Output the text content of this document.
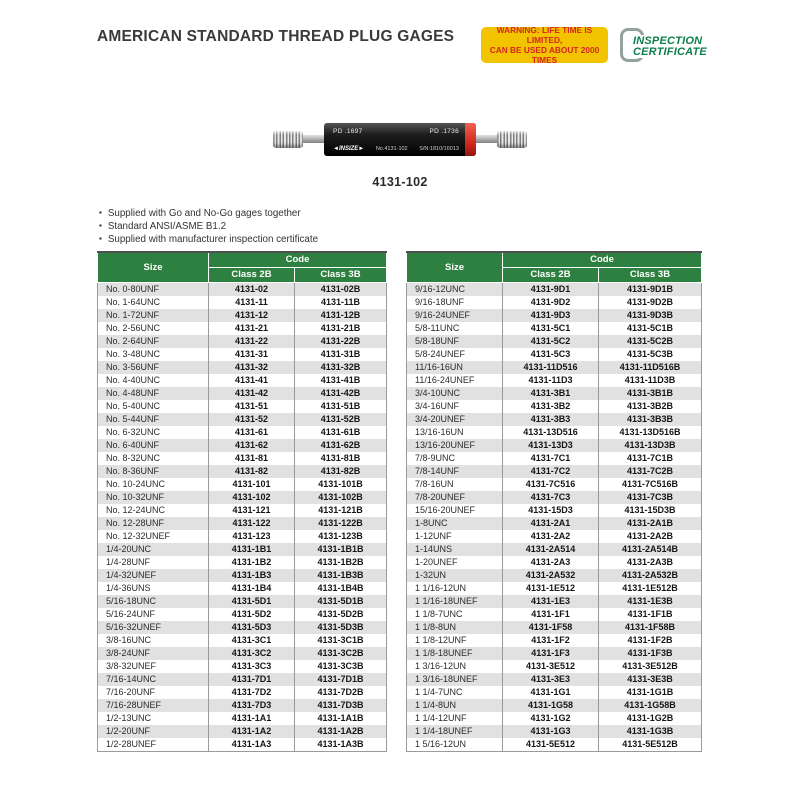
AMERICAN STANDARD THREAD PLUG GAGES	WARNING: LIFE TIME IS LIMITED,
CAN BE USED ABOUT 2000 TIMES
INSPECTION
CERTIFICATE
PD .1697	PD .1736
◄INSIZE► No.4131-102 S/N:1810/16013
4131-102
▪ Supplied with Go and No-Go gages together
▪ Standard ANSI/ASME B1.2
▪ Supplied with manufacturer inspection certificate
Size	Code	
	Class 2B	Class 3B
No. 0-80UNF	4131-02	4131-02B
No. 1-64UNC	4131-11	4131-11B
No. 1-72UNF	4131-12	4131-12B
No. 2-56UNC	4131-21	4131-21B
No. 2-64UNF	4131-22	4131-22B
No. 3-48UNC	4131-31	4131-31B
No. 3-56UNF	4131-32	4131-32B
No. 4-40UNC	4131-41	4131-41B
No. 4-48UNF	4131-42	4131-42B
No. 5-40UNC	4131-51	4131-51B
No. 5-44UNF	4131-52	4131-52B
No. 6-32UNC	4131-61	4131-61B
No. 6-40UNF	4131-62	4131-62B
No. 8-32UNC	4131-81	4131-81B
No. 8-36UNF	4131-82	4131-82B
No. 10-24UNC	4131-101	4131-101B
No. 10-32UNF	4131-102	4131-102B
No. 12-24UNC	4131-121	4131-121B
No. 12-28UNF	4131-122	4131-122B
No. 12-32UNEF	4131-123	4131-123B
1/4-20UNC	4131-1B1	4131-1B1B
1/4-28UNF	4131-1B2	4131-1B2B
1/4-32UNEF	4131-1B3	4131-1B3B
1/4-36UNS	4131-1B4	4131-1B4B
5/16-18UNC	4131-5D1	4131-5D1B
5/16-24UNF	4131-5D2	4131-5D2B
5/16-32UNEF	4131-5D3	4131-5D3B
3/8-16UNC	4131-3C1	4131-3C1B
3/8-24UNF	4131-3C2	4131-3C2B
3/8-32UNEF	4131-3C3	4131-3C3B
7/16-14UNC	4131-7D1	4131-7D1B
7/16-20UNF	4131-7D2	4131-7D2B
7/16-28UNEF	4131-7D3	4131-7D3B
1/2-13UNC	4131-1A1	4131-1A1B
1/2-20UNF	4131-1A2	4131-1A2B
1/2-28UNEF	4131-1A3	4131-1A3B
Size	Code	
	Class 2B	Class 3B
9/16-12UNC	4131-9D1	4131-9D1B
9/16-18UNF	4131-9D2	4131-9D2B
9/16-24UNEF	4131-9D3	4131-9D3B
5/8-11UNC	4131-5C1	4131-5C1B
5/8-18UNF	4131-5C2	4131-5C2B
5/8-24UNEF	4131-5C3	4131-5C3B
11/16-16UN	4131-11D516	4131-11D516B
11/16-24UNEF	4131-11D3	4131-11D3B
3/4-10UNC	4131-3B1	4131-3B1B
3/4-16UNF	4131-3B2	4131-3B2B
3/4-20UNEF	4131-3B3	4131-3B3B
13/16-16UN	4131-13D516	4131-13D516B
13/16-20UNEF	4131-13D3	4131-13D3B
7/8-9UNC	4131-7C1	4131-7C1B
7/8-14UNF	4131-7C2	4131-7C2B
7/8-16UN	4131-7C516	4131-7C516B
7/8-20UNEF	4131-7C3	4131-7C3B
15/16-20UNEF	4131-15D3	4131-15D3B
1-8UNC	4131-2A1	4131-2A1B
1-12UNF	4131-2A2	4131-2A2B
1-14UNS	4131-2A514	4131-2A514B
1-20UNEF	4131-2A3	4131-2A3B
1-32UN	4131-2A532	4131-2A532B
1 1/16-12UN	4131-1E512	4131-1E512B
1 1/16-18UNEF	4131-1E3	4131-1E3B
1 1/8-7UNC	4131-1F1	4131-1F1B
1 1/8-8UN	4131-1F58	4131-1F58B
1 1/8-12UNF	4131-1F2	4131-1F2B
1 1/8-18UNEF	4131-1F3	4131-1F3B
1 3/16-12UN	4131-3E512	4131-3E512B
1 3/16-18UNEF	4131-3E3	4131-3E3B
1 1/4-7UNC	4131-1G1	4131-1G1B
1 1/4-8UN	4131-1G58	4131-1G58B
1 1/4-12UNF	4131-1G2	4131-1G2B
1 1/4-18UNEF	4131-1G3	4131-1G3B
1 5/16-12UN	4131-5E512	4131-5E512B
